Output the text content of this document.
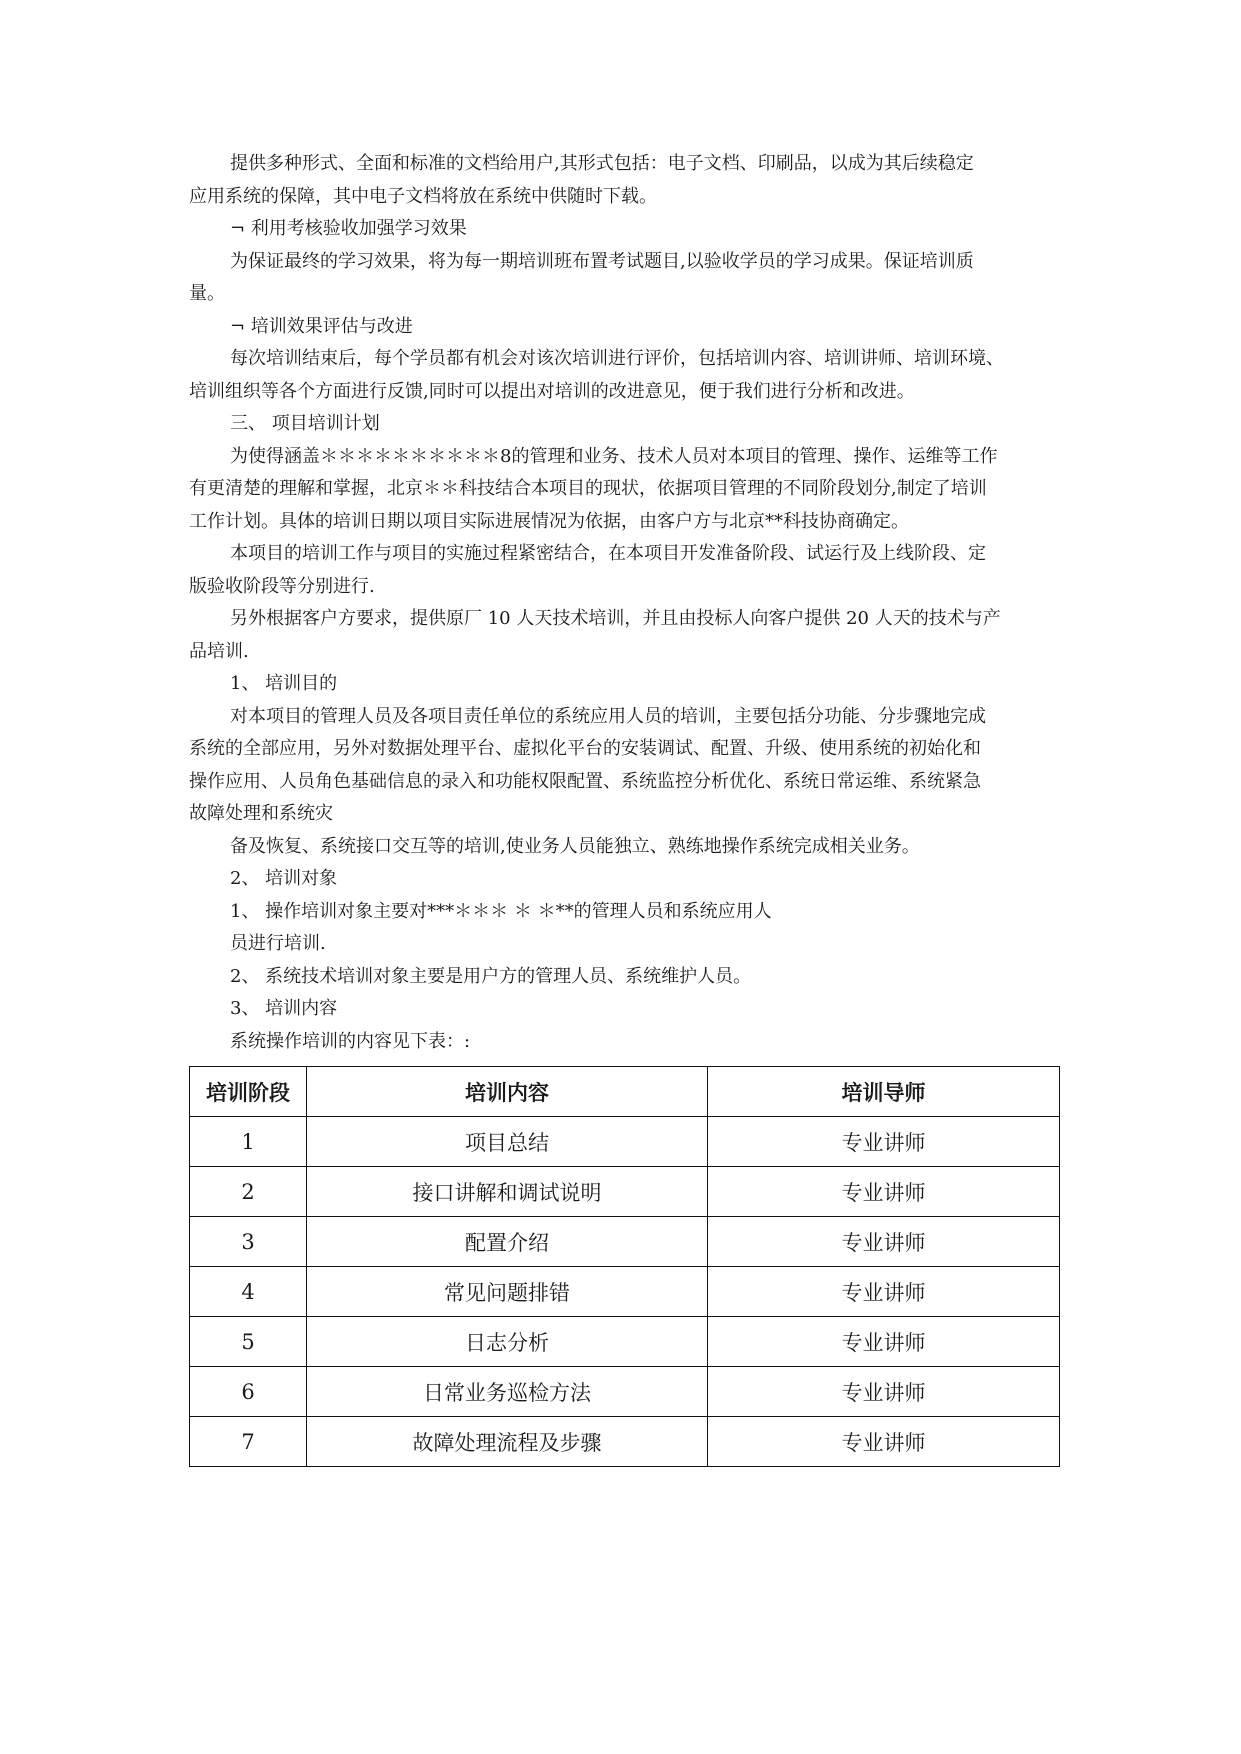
提供多种形式、全面和标准的文档给用户,其形式包括：电子文档、印刷品，以成为其后续稳定

应用系统的保障，其中电子文档将放在系统中供随时下载。

¬ 利用考核验收加强学习效果

为保证最终的学习效果，将为每一期培训班布置考试题目,以验收学员的学习成果。保证培训质

量。

¬ 培训效果评估与改进

每次培训结束后，每个学员都有机会对该次培训进行评价，包括培训内容、培训讲师、培训环境、

培训组织等各个方面进行反馈,同时可以提出对培训的改进意见，便于我们进行分析和改进。

三、 项目培训计划

为使得涵盖＊＊＊＊＊＊＊＊＊＊8的管理和业务、技术人员对本项目的管理、操作、运维等工作

有更清楚的理解和掌握，北京＊＊科技结合本项目的现状，依据项目管理的不同阶段划分,制定了培训

工作计划。具体的培训日期以项目实际进展情况为依据，由客户方与北京**科技协商确定。

本项目的培训工作与项目的实施过程紧密结合，在本项目开发准备阶段、试运行及上线阶段、定

版验收阶段等分别进行.

另外根据客户方要求，提供原厂 10 人天技术培训，并且由投标人向客户提供 20 人天的技术与产

品培训.

1、 培训目的

对本项目的管理人员及各项目责任单位的系统应用人员的培训，主要包括分功能、分步骤地完成

系统的全部应用，另外对数据处理平台、虚拟化平台的安装调试、配置、升级、使用系统的初始化和

操作应用、人员角色基础信息的录入和功能权限配置、系统监控分析优化、系统日常运维、系统紧急

故障处理和系统灾

备及恢复、系统接口交互等的培训,使业务人员能独立、熟练地操作系统完成相关业务。

2、 培训对象

1、 操作培训对象主要对***＊＊＊ ＊ ＊**的管理人员和系统应用人

员进行培训.

2、 系统技术培训对象主要是用户方的管理人员、系统维护人员。

3、 培训内容

系统操作培训的内容见下表：:

培训阶段	培训内容	培训导师
1	项目总结	专业讲师
2	接口讲解和调试说明	专业讲师
3	配置介绍	专业讲师
4	常见问题排错	专业讲师
5	日志分析	专业讲师
6	日常业务巡检方法	专业讲师
7	故障处理流程及步骤	专业讲师
